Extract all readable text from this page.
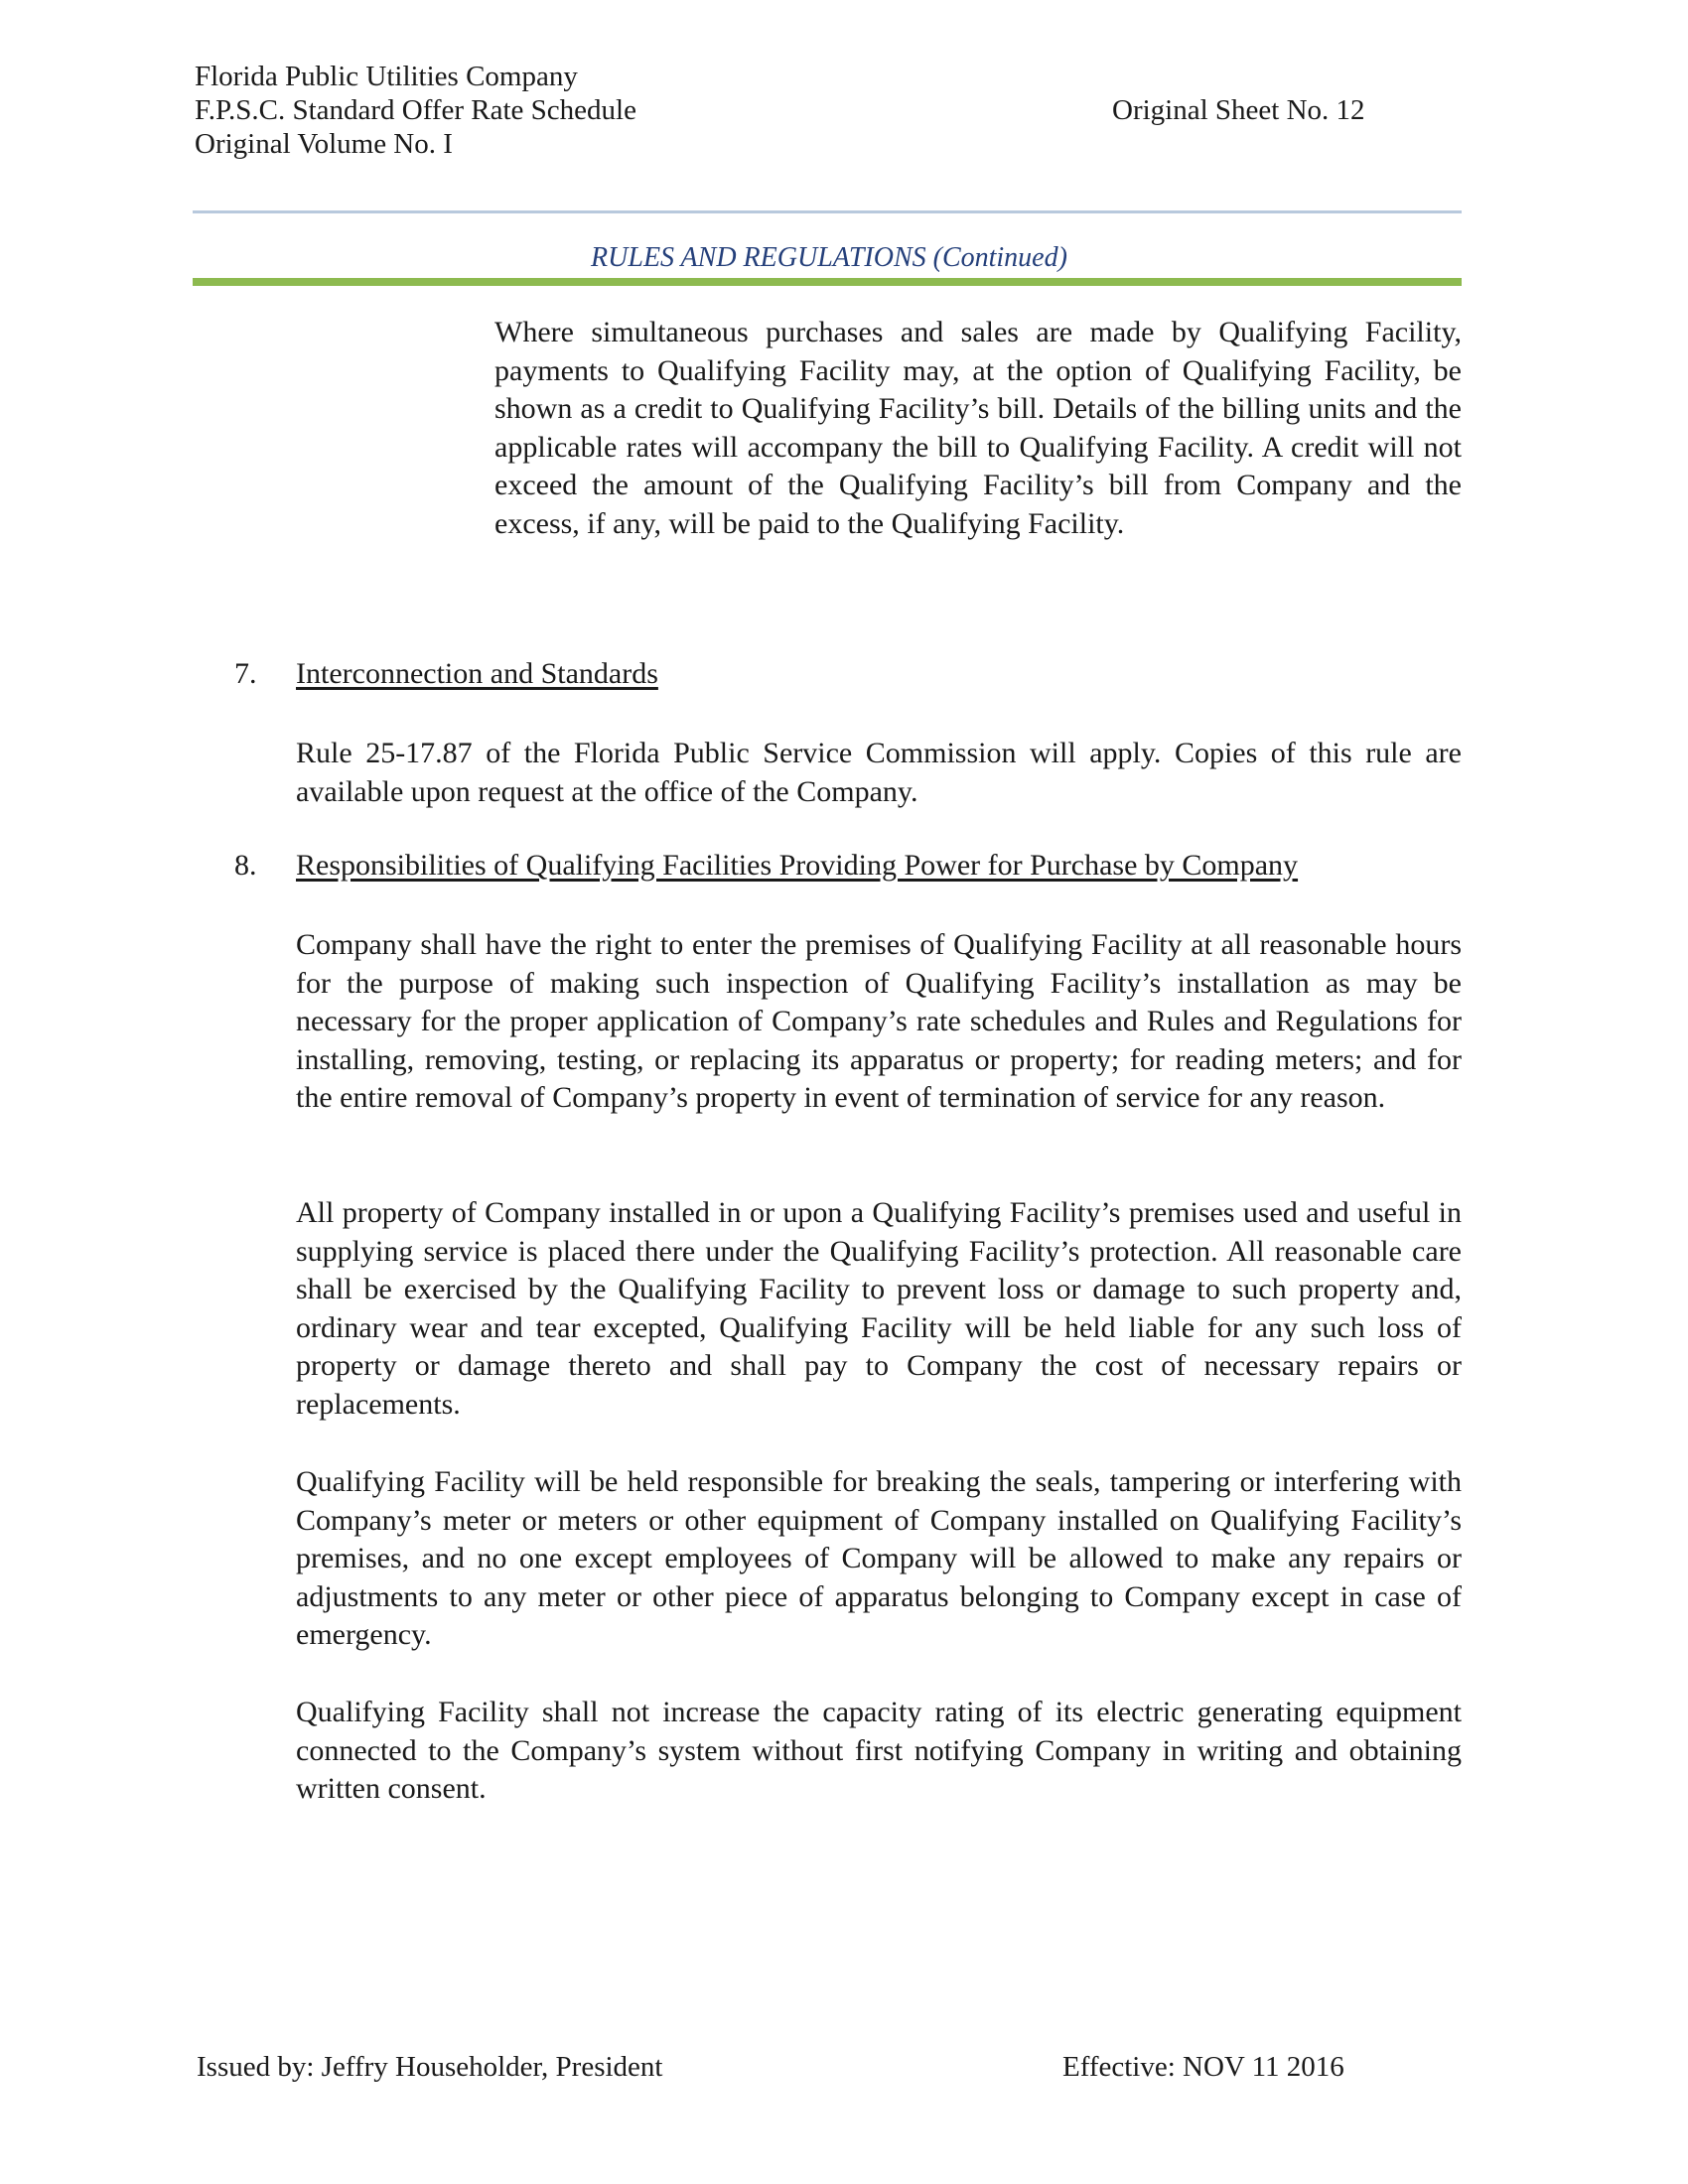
Florida Public Utilities Company
F.P.S.C. Standard Offer Rate Schedule
Original Volume No. I
Original Sheet No. 12
RULES AND REGULATIONS (Continued)
Where simultaneous purchases and sales are made by Qualifying Facility, payments to Qualifying Facility may, at the option of Qualifying Facility, be shown as a credit to Qualifying Facility’s bill. Details of the billing units and the applicable rates will accompany the bill to Qualifying Facility. A credit will not exceed the amount of the Qualifying Facility’s bill from Company and the excess, if any, will be paid to the Qualifying Facility.
7. Interconnection and Standards
Rule 25-17.87 of the Florida Public Service Commission will apply. Copies of this rule are available upon request at the office of the Company.
8. Responsibilities of Qualifying Facilities Providing Power for Purchase by Company
Company shall have the right to enter the premises of Qualifying Facility at all reasonable hours for the purpose of making such inspection of Qualifying Facility’s installation as may be necessary for the proper application of Company’s rate schedules and Rules and Regulations for installing, removing, testing, or replacing its apparatus or property; for reading meters; and for the entire removal of Company’s property in event of termination of service for any reason.
All property of Company installed in or upon a Qualifying Facility’s premises used and useful in supplying service is placed there under the Qualifying Facility’s protection. All reasonable care shall be exercised by the Qualifying Facility to prevent loss or damage to such property and, ordinary wear and tear excepted, Qualifying Facility will be held liable for any such loss of property or damage thereto and shall pay to Company the cost of necessary repairs or replacements.
Qualifying Facility will be held responsible for breaking the seals, tampering or interfering with Company’s meter or meters or other equipment of Company installed on Qualifying Facility’s premises, and no one except employees of Company will be allowed to make any repairs or adjustments to any meter or other piece of apparatus belonging to Company except in case of emergency.
Qualifying Facility shall not increase the capacity rating of its electric generating equipment connected to the Company’s system without first notifying Company in writing and obtaining written consent.
Issued by: Jeffry Householder, President	Effective: NOV 11 2016
